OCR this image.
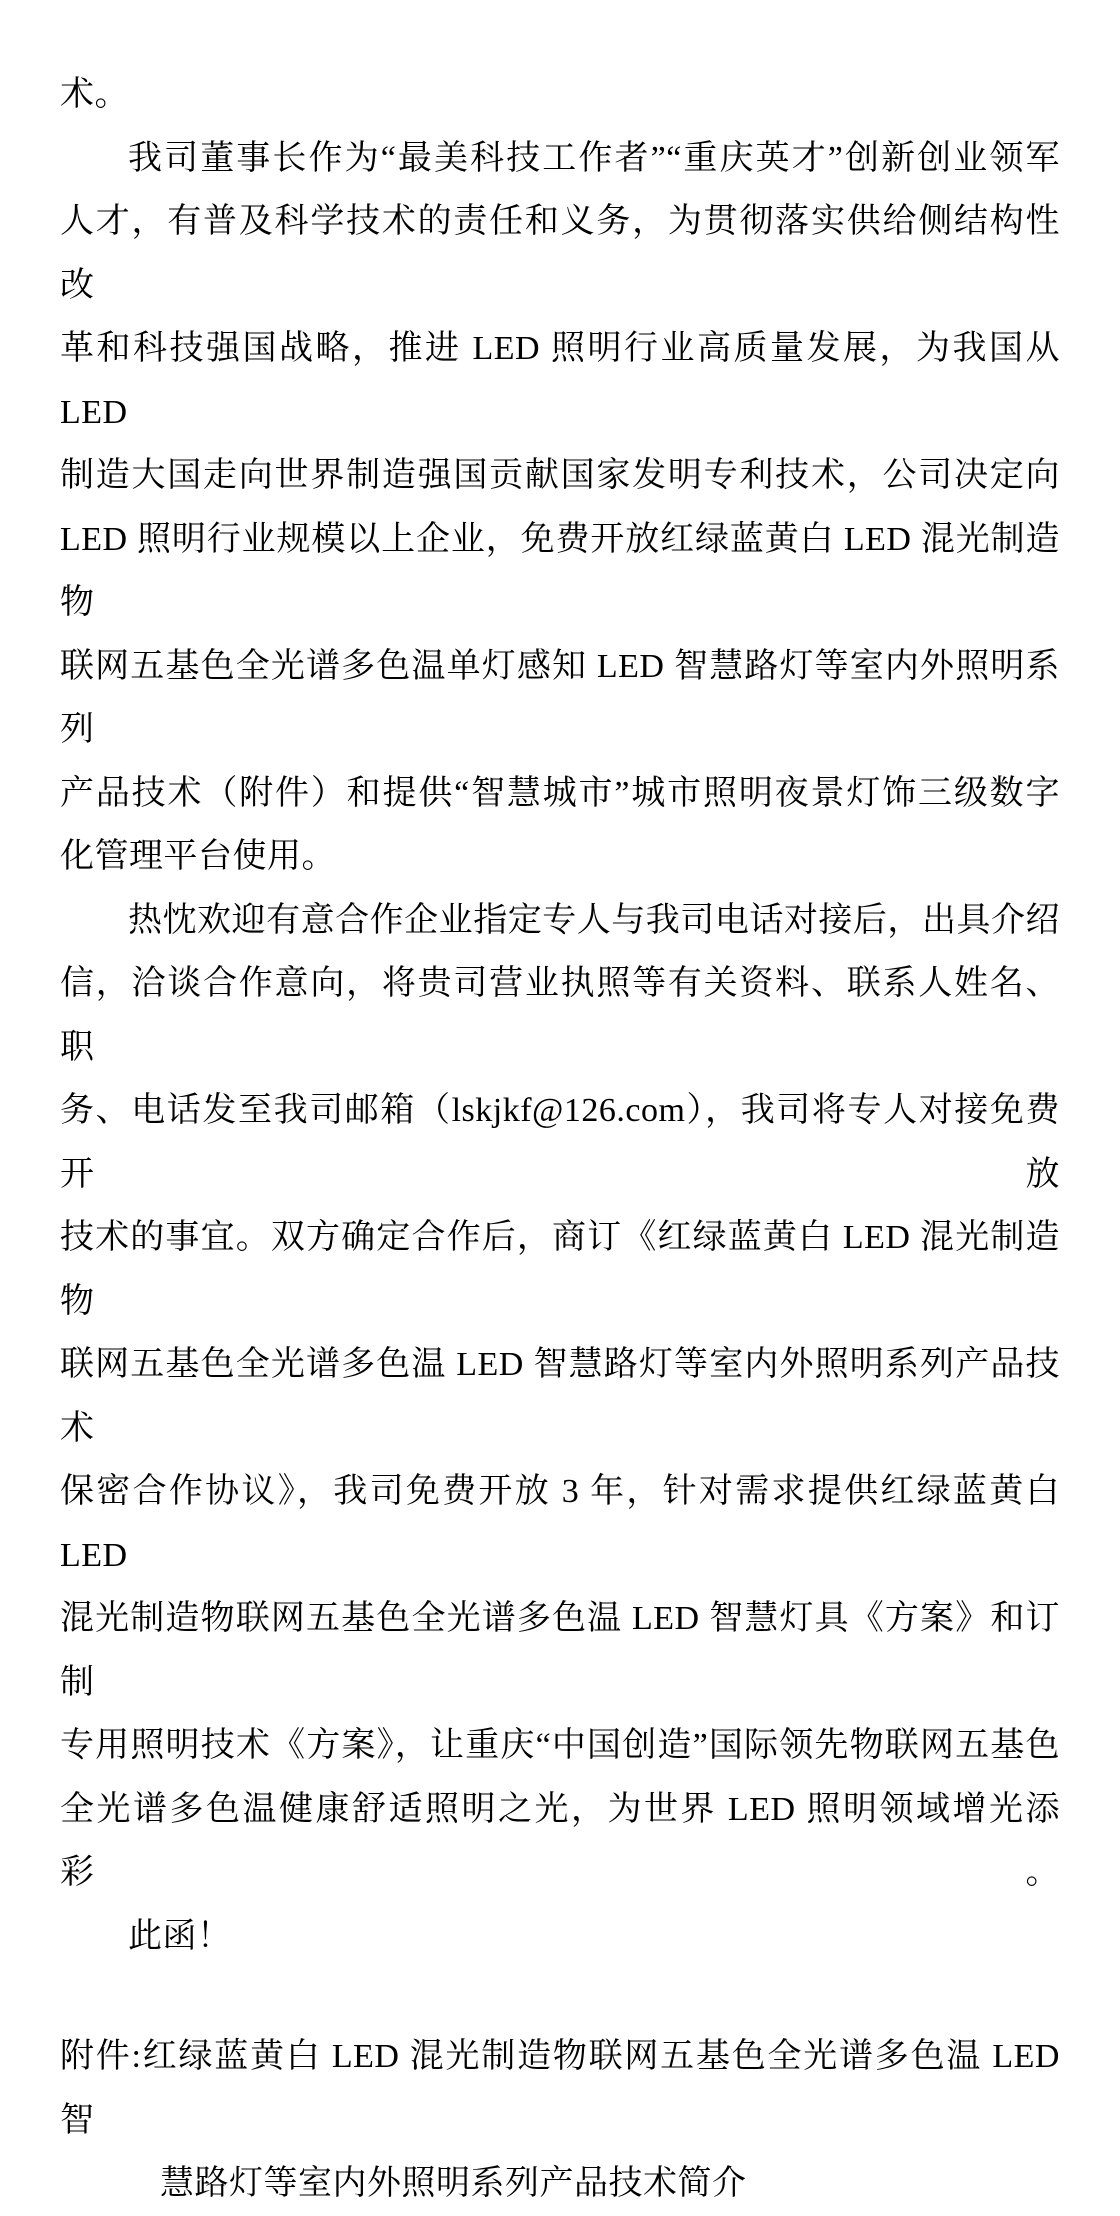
术。
我司董事长作为“最美科技工作者”“重庆英才”创新创业领军
人才，有普及科学技术的责任和义务，为贯彻落实供给侧结构性改
革和科技强国战略，推进 LED 照明行业高质量发展，为我国从 LED
制造大国走向世界制造强国贡献国家发明专利技术，公司决定向
LED 照明行业规模以上企业，免费开放红绿蓝黄白 LED 混光制造物
联网五基色全光谱多色温单灯感知 LED 智慧路灯等室内外照明系列
产品技术（附件）和提供“智慧城市”城市照明夜景灯饰三级数字
化管理平台使用。
热忱欢迎有意合作企业指定专人与我司电话对接后，出具介绍
信，洽谈合作意向，将贵司营业执照等有关资料、联系人姓名、职
务、电话发至我司邮箱（lskjkf@126.com），我司将专人对接免费开放
技术的事宜。双方确定合作后，商订《红绿蓝黄白 LED 混光制造物
联网五基色全光谱多色温 LED 智慧路灯等室内外照明系列产品技术
保密合作协议》，我司免费开放 3 年，针对需求提供红绿蓝黄白 LED
混光制造物联网五基色全光谱多色温 LED 智慧灯具《方案》和订制
专用照明技术《方案》，让重庆“中国创造”国际领先物联网五基色
全光谱多色温健康舒适照明之光，为世界 LED 照明领域增光添彩。
此函！
附件:红绿蓝黄白 LED 混光制造物联网五基色全光谱多色温 LED 智
慧路灯等室内外照明系列产品技术简介
